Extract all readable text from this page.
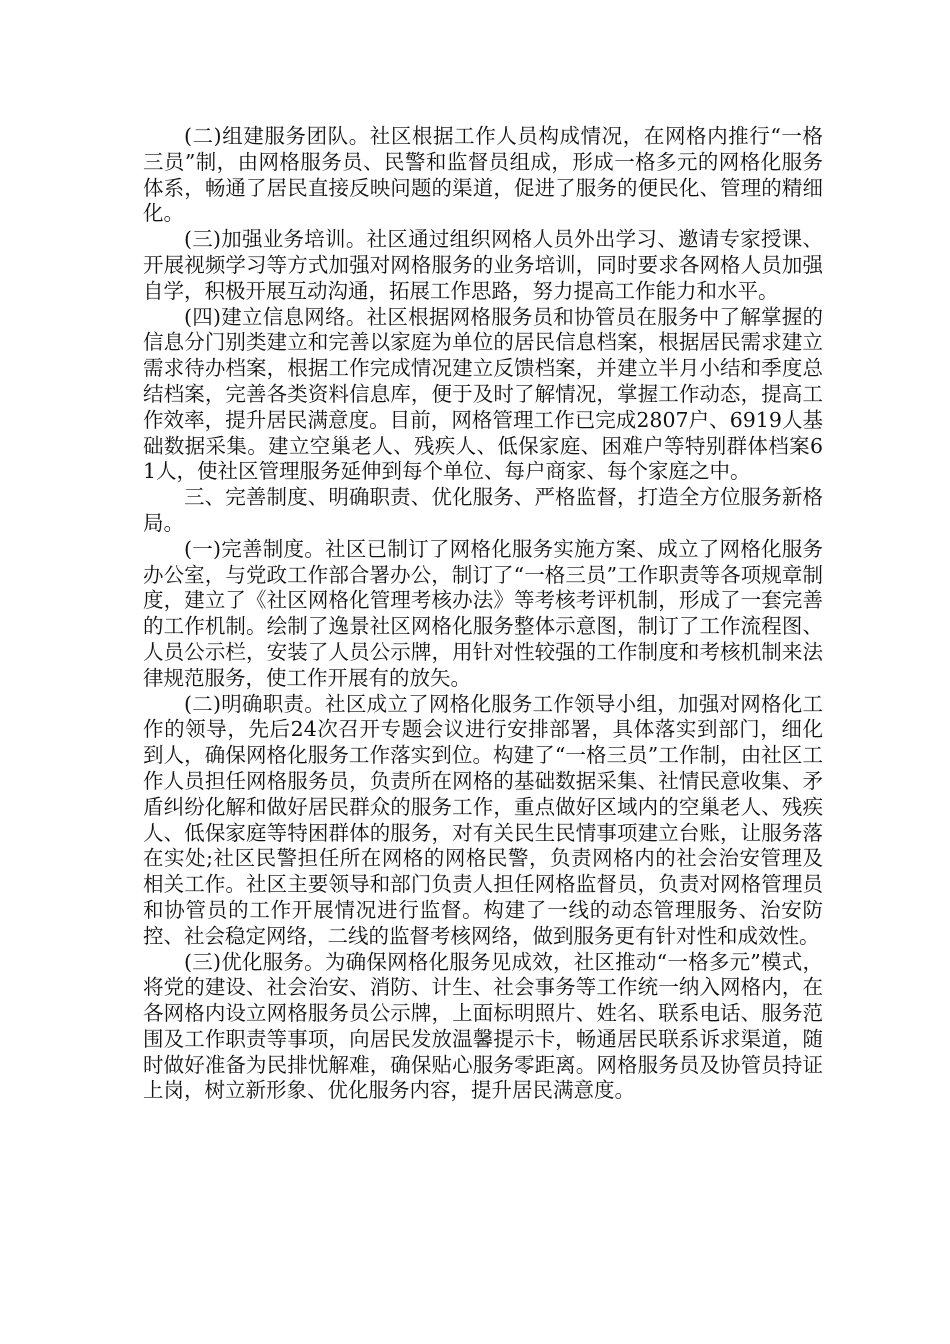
(二)组建服务团队。社区根据工作人员构成情况，在网格内推行“一格三员”制，由网格服务员、民警和监督员组成，形成一格多元的网格化服务体系，畅通了居民直接反映问题的渠道，促进了服务的便民化、管理的精细化。

(三)加强业务培训。社区通过组织网格人员外出学习、邀请专家授课、开展视频学习等方式加强对网格服务的业务培训，同时要求各网格人员加强自学，积极开展互动沟通，拓展工作思路，努力提高工作能力和水平。

(四)建立信息网络。社区根据网格服务员和协管员在服务中了解掌握的信息分门别类建立和完善以家庭为单位的居民信息档案，根据居民需求建立需求待办档案，根据工作完成情况建立反馈档案，并建立半月小结和季度总结档案，完善各类资料信息库，便于及时了解情况，掌握工作动态，提高工作效率，提升居民满意度。目前，网格管理工作已完成2807户、6919人基础数据采集。建立空巢老人、残疾人、低保家庭、困难户等特别群体档案61人，使社区管理服务延伸到每个单位、每户商家、每个家庭之中。

三、完善制度、明确职责、优化服务、严格监督，打造全方位服务新格局。

(一)完善制度。社区已制订了网格化服务实施方案、成立了网格化服务办公室，与党政工作部合署办公，制订了“一格三员”工作职责等各项规章制度，建立了《社区网格化管理考核办法》等考核考评机制，形成了一套完善的工作机制。绘制了逸景社区网格化服务整体示意图，制订了工作流程图、人员公示栏，安装了人员公示牌，用针对性较强的工作制度和考核机制来法律规范服务，使工作开展有的放矢。

(二)明确职责。社区成立了网格化服务工作领导小组，加强对网格化工作的领导，先后24次召开专题会议进行安排部署，具体落实到部门，细化到人，确保网格化服务工作落实到位。构建了“一格三员”工作制，由社区工作人员担任网格服务员，负责所在网格的基础数据采集、社情民意收集、矛盾纠纷化解和做好居民群众的服务工作，重点做好区域内的空巢老人、残疾人、低保家庭等特困群体的服务，对有关民生民情事项建立台账，让服务落在实处;社区民警担任所在网格的网格民警，负责网格内的社会治安管理及相关工作。社区主要领导和部门负责人担任网格监督员，负责对网格管理员和协管员的工作开展情况进行监督。构建了一线的动态管理服务、治安防控、社会稳定网络，二线的监督考核网络，做到服务更有针对性和成效性。

(三)优化服务。为确保网格化服务见成效，社区推动“一格多元”模式，将党的建设、社会治安、消防、计生、社会事务等工作统一纳入网格内，在各网格内设立网格服务员公示牌，上面标明照片、姓名、联系电话、服务范围及工作职责等事项，向居民发放温馨提示卡，畅通居民联系诉求渠道，随时做好准备为民排忧解难，确保贴心服务零距离。网格服务员及协管员持证上岗，树立新形象、优化服务内容，提升居民满意度。
